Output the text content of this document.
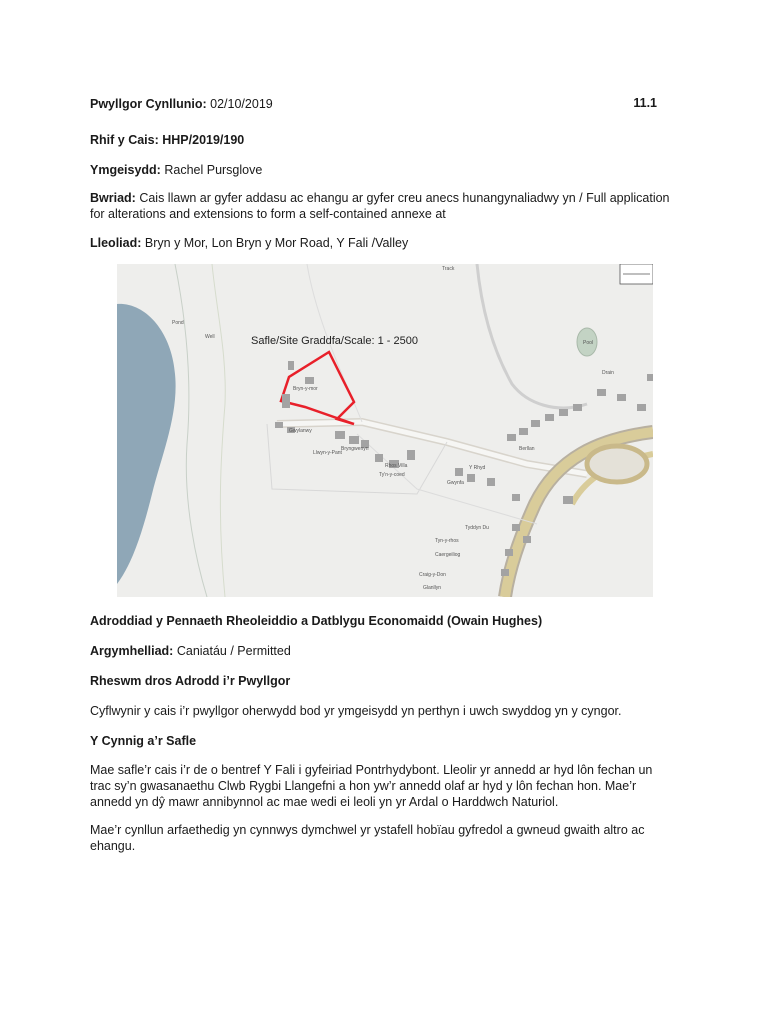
Pwyllgor Cynllunio: 02/10/2019	11.1
Rhif y Cais: HHP/2019/190
Ymgeisydd: Rachel Pursglove
Bwriad: Cais llawn ar gyfer addasu ac ehangu ar gyfer creu anecs hunangynaliadwy yn / Full application for alterations and extensions to form a self-contained annexe at
Lleoliad: Bryn y Mor, Lon Bryn y Mor Road, Y Fali /Valley
Safle/Site Graddfa/Scale: 1 - 2500
Bryn-y-mor
Gwylanwy
Bryngwenyn
Llwyn-y-Pant
Rhos Villa	Y Rhyd
Berllan
Gwynfa
Tyddyn Du
Tyn-y-rhos
Caergeiliog
Craig-y-Don
Glanllyn
Ty'n-y-coed
Pond
Pool
Well
Drain
Track
Adroddiad y Pennaeth Rheoleiddio a Datblygu Economaidd (Owain Hughes)
Argymhelliad: Caniatáu / Permitted
Rheswm dros Adrodd i’r Pwyllgor
Cyflwynir y cais i’r pwyllgor oherwydd bod yr ymgeisydd yn perthyn i uwch swyddog yn y cyngor.
Y Cynnig a’r Safle
Mae safle’r cais i’r de o bentref Y Fali i gyfeiriad Pontrhydybont. Lleolir yr annedd ar hyd lôn fechan un trac sy’n gwasanaethu Clwb Rygbi Llangefni a hon yw’r annedd olaf ar hyd y lôn fechan hon. Mae’r annedd yn dŷ mawr annibynnol ac mae wedi ei leoli yn yr Ardal o Harddwch Naturiol.
Mae’r cynllun arfaethedig yn cynnwys dymchwel yr ystafell hobïau gyfredol a gwneud gwaith altro ac ehangu.
